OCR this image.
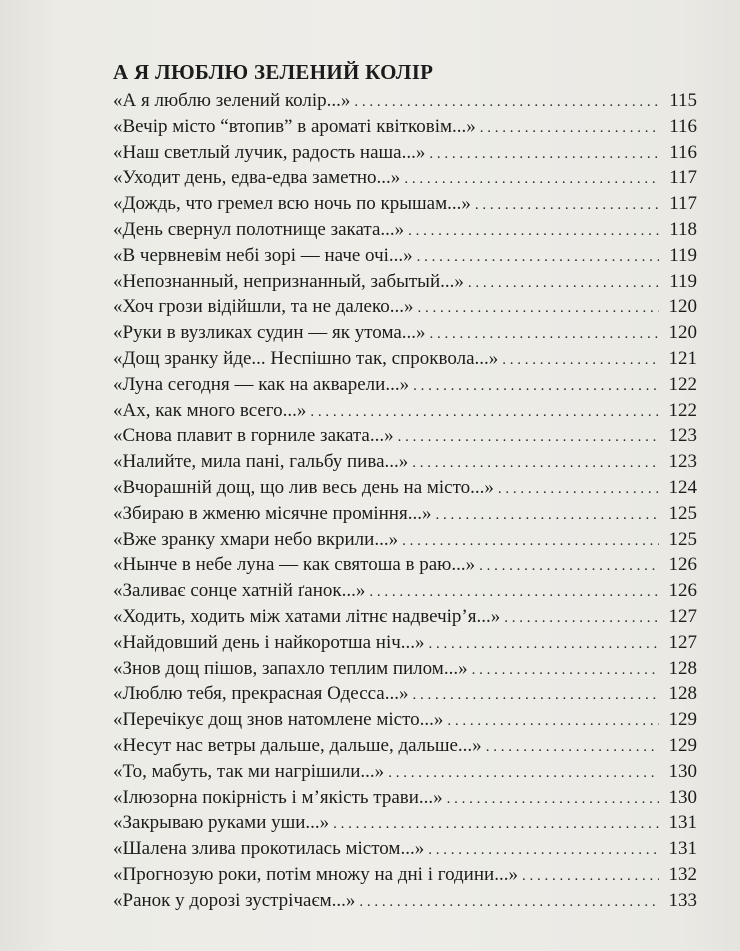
А Я ЛЮБЛЮ ЗЕЛЕНИЙ КОЛІР
«А я люблю зелений колір...» . . .	115
«Вечір місто “втопив” в ароматі квітковім...» . . .	116
«Наш светлый лучик, радость наша...» . . .	116
«Уходит день, едва-едва заметно...» . . .	117
«Дождь, что гремел всю ночь по крышам...» . . .	117
«День свернул полотнище заката...» . . .	118
«В червневім небі зорі — наче очі...» . . .	119
«Непознанный, непризнанный, забытый...» . . .	119
«Хоч грози відійшли, та не далеко...» . . .	120
«Руки в вузликах судин — як утома...» . . .	120
«Дощ зранку йде... Неспішно так, спроквола...» . . .	121
«Луна сегодня — как на акварели...» . . .	122
«Ах, как много всего...» . . .	122
«Снова плавит в горниле заката...» . . .	123
«Налийте, мила пані, гальбу пива...» . . .	123
«Вчорашній дощ, що лив весь день на місто...» . . .	124
«Збираю в жменю місячне проміння...» . . .	125
«Вже зранку хмари небо вкрили...» . . .	125
«Нынче в небе луна — как святоша в раю...» . . .	126
«Заливає сонце хатній ґанок...» . . .	126
«Ходить, ходить між хатами літнє надвечір’я...» . . .	127
«Найдовший день і найкоротша ніч...» . . .	127
«Знов дощ пішов, запахло теплим пилом...» . . .	128
«Люблю тебя, прекрасная Одесса...» . . .	128
«Перечікує дощ знов натомлене місто...» . . .	129
«Несут нас ветры дальше, дальше, дальше...» . . .	129
«То, мабуть, так ми нагрішили...» . . .	130
«Ілюзорна покірність і м’якість трави...» . . .	130
«Закрываю руками уши...» . . .	131
«Шалена злива прокотилась містом...» . . .	131
«Прогнозую роки, потім множу на дні і години...» . . .	132
«Ранок у дорозі зустрічаєм...» . . .	133
